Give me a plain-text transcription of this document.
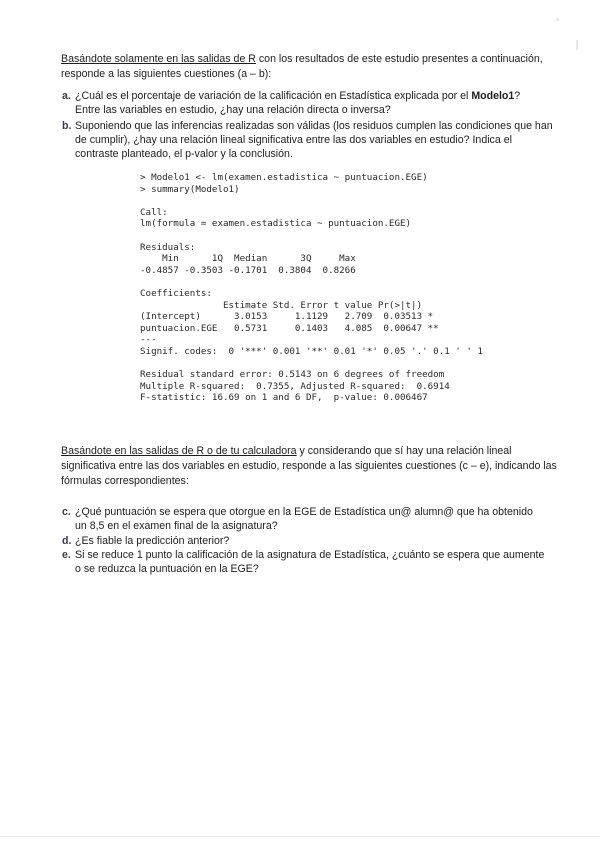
Basándote solamente en las salidas de R con los resultados de este estudio presentes a continuación, responde a las siguientes cuestiones (a – b):
a. ¿Cuál es el porcentaje de variación de la calificación en Estadística explicada por el Modelo1?
Entre las variables en estudio, ¿hay una relación directa o inversa?
b. Suponiendo que las inferencias realizadas son válidas (los residuos cumplen las condiciones que han de cumplir), ¿hay una relación lineal significativa entre las dos variables en estudio? Indica el contraste planteado, el p-valor y la conclusión.
> Modelo1 <- lm(examen.estadistica ~ puntuacion.EGE)
> summary(Modelo1)
Call:
lm(formula = examen.estadistica ~ puntuacion.EGE)
Residuals:
Min      1Q  Median      3Q     Max
-0.4857 -0.3503 -0.1701  0.3804  0.8266
Coefficients:
Estimate Std. Error t value Pr(>|t|)
(Intercept)      3.0153     1.1129   2.709  0.03513 *
puntuacion.EGE   0.5731     0.1403   4.085  0.00647 **
---
Signif. codes:  0 '***' 0.001 '**' 0.01 '*' 0.05 '.' 0.1 ' ' 1
Residual standard error: 0.5143 on 6 degrees of freedom
Multiple R-squared:  0.7355, Adjusted R-squared:  0.6914
F-statistic: 16.69 on 1 and 6 DF,  p-value: 0.006467
Basándote en las salidas de R o de tu calculadora y considerando que sí hay una relación lineal significativa entre las dos variables en estudio, responde a las siguientes cuestiones (c – e), indicando las fórmulas correspondientes:
c. ¿Qué puntuación se espera que otorgue en la EGE de Estadística un@ alumn@ que ha obtenido un 8,5 en el examen final de la asignatura?
d. ¿Es fiable la predicción anterior?
e. Si se reduce 1 punto la calificación de la asignatura de Estadística, ¿cuánto se espera que aumente o se reduzca la puntuación en la EGE?
